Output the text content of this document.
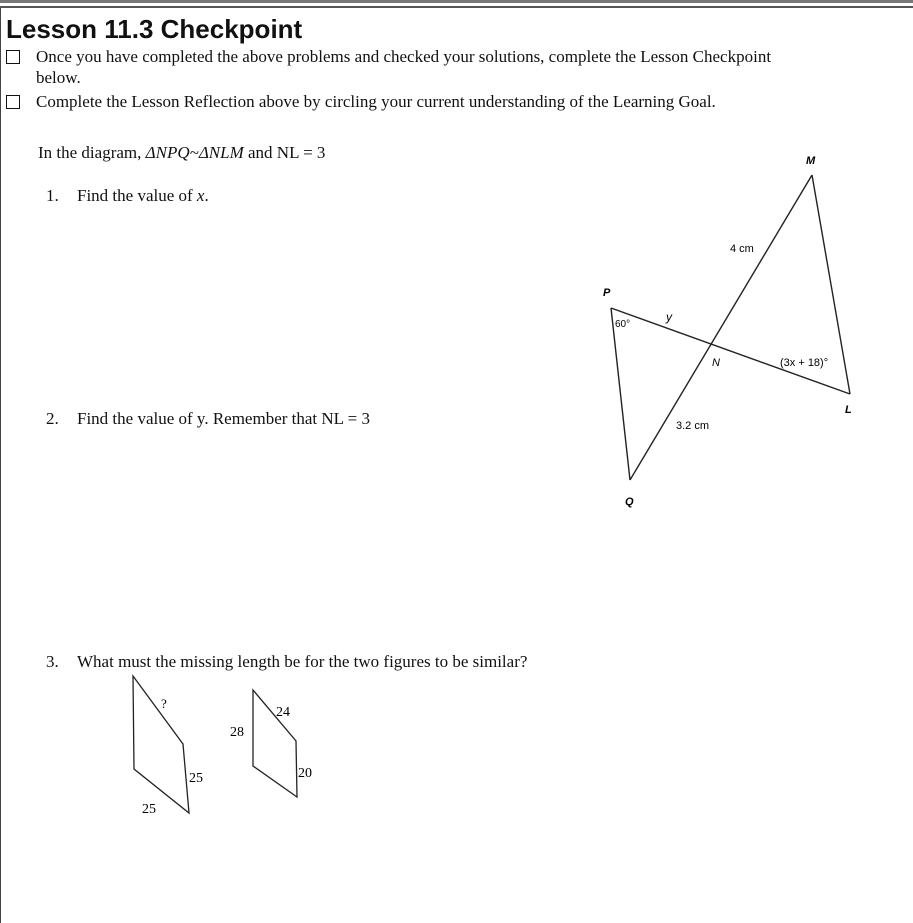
Lesson 11.3 Checkpoint
Once you have completed the above problems and checked your solutions, complete the Lesson Checkpoint
below.
Complete the Lesson Reflection above by circling your current understanding of the Learning Goal.
In the diagram, ΔNPQ~ΔNLM and NL = 3
1. Find the value of x.
2. Find the value of y. Remember that NL = 3
3. What must the missing length be for the two figures to be similar?
M
P
N
L
Q
60°
y
4 cm
3.2 cm
(3x + 18)°
?
25
25
28
24
20
